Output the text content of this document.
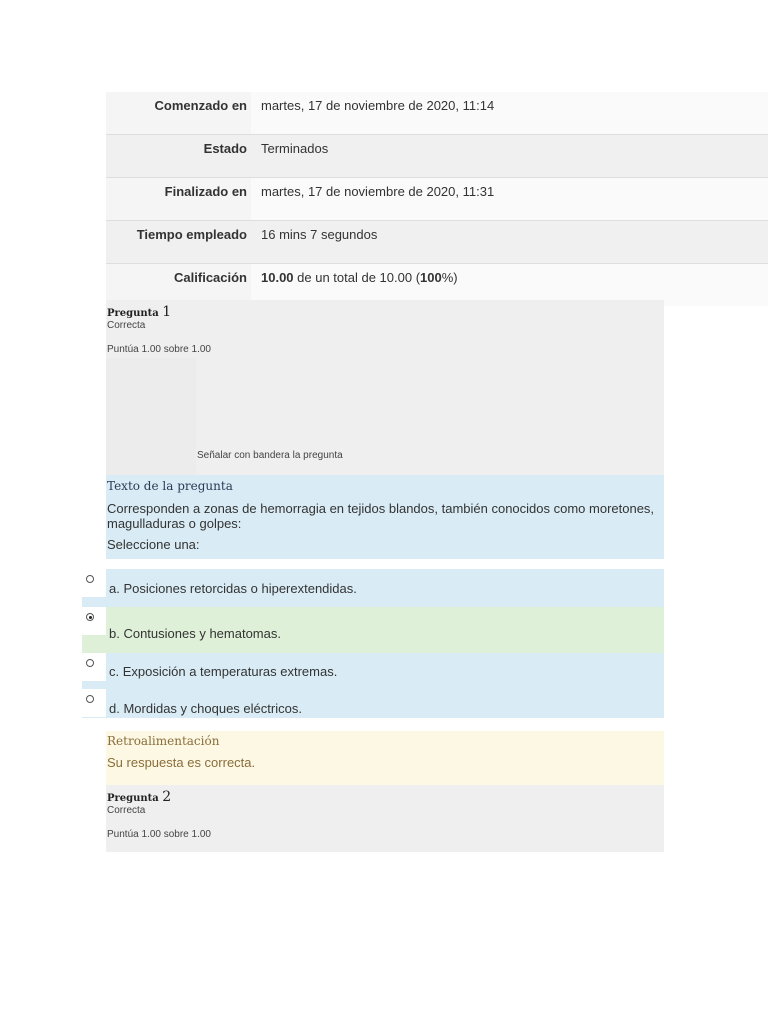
Comenzado en	martes, 17 de noviembre de 2020, 11:14
Estado	Terminados
Finalizado en	martes, 17 de noviembre de 2020, 11:31
Tiempo empleado	16 mins 7 segundos
Calificación	10.00 de un total de 10.00 (100%)
Pregunta 1
Correcta
Puntúa 1.00 sobre 1.00
Señalar con bandera la pregunta
Texto de la pregunta
Corresponden a zonas de hemorragia en tejidos blandos, también conocidos como moretones, magulladuras o golpes:
Seleccione una:
a. Posiciones retorcidas o hiperextendidas.
b. Contusiones y hematomas.
c. Exposición a temperaturas extremas.
d. Mordidas y choques eléctricos.
Retroalimentación
Su respuesta es correcta.
Pregunta 2
Correcta
Puntúa 1.00 sobre 1.00
